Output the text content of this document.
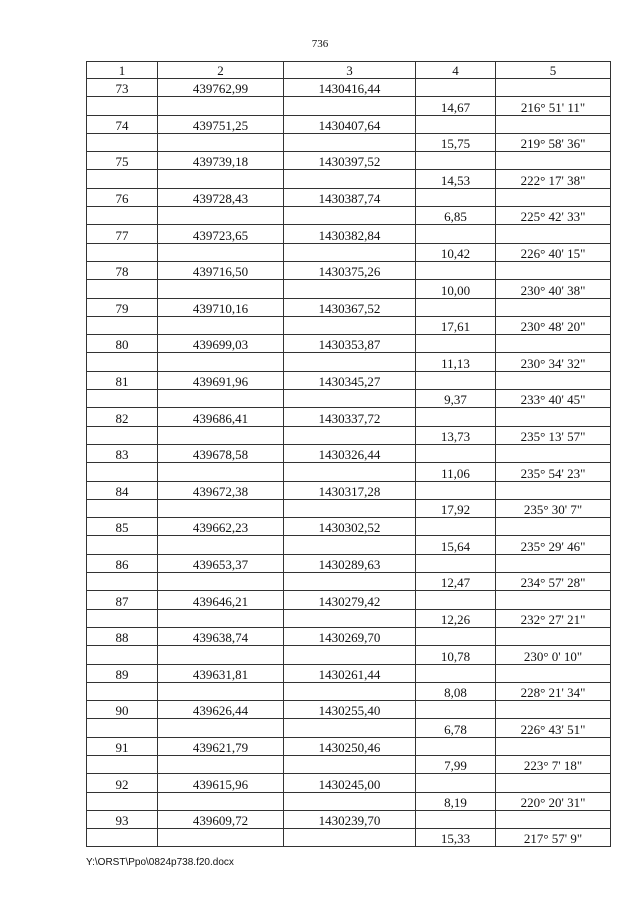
736
1	2	3	4	5
73	439762,99	1430416,44		
			14,67	216° 51' 11"
74	439751,25	1430407,64		
			15,75	219° 58' 36"
75	439739,18	1430397,52		
			14,53	222° 17' 38"
76	439728,43	1430387,74		
			6,85	225° 42' 33"
77	439723,65	1430382,84		
			10,42	226° 40' 15"
78	439716,50	1430375,26		
			10,00	230° 40' 38"
79	439710,16	1430367,52		
			17,61	230° 48' 20"
80	439699,03	1430353,87		
			11,13	230° 34' 32"
81	439691,96	1430345,27		
			9,37	233° 40' 45"
82	439686,41	1430337,72		
			13,73	235° 13' 57"
83	439678,58	1430326,44		
			11,06	235° 54' 23"
84	439672,38	1430317,28		
			17,92	235° 30' 7"
85	439662,23	1430302,52		
			15,64	235° 29' 46"
86	439653,37	1430289,63		
			12,47	234° 57' 28"
87	439646,21	1430279,42		
			12,26	232° 27' 21"
88	439638,74	1430269,70		
			10,78	230° 0' 10"
89	439631,81	1430261,44		
			8,08	228° 21' 34"
90	439626,44	1430255,40		
			6,78	226° 43' 51"
91	439621,79	1430250,46		
			7,99	223° 7' 18"
92	439615,96	1430245,00		
			8,19	220° 20' 31"
93	439609,72	1430239,70		
			15,33	217° 57' 9"
Y:\ORST\Ppo\0824p738.f20.docx
